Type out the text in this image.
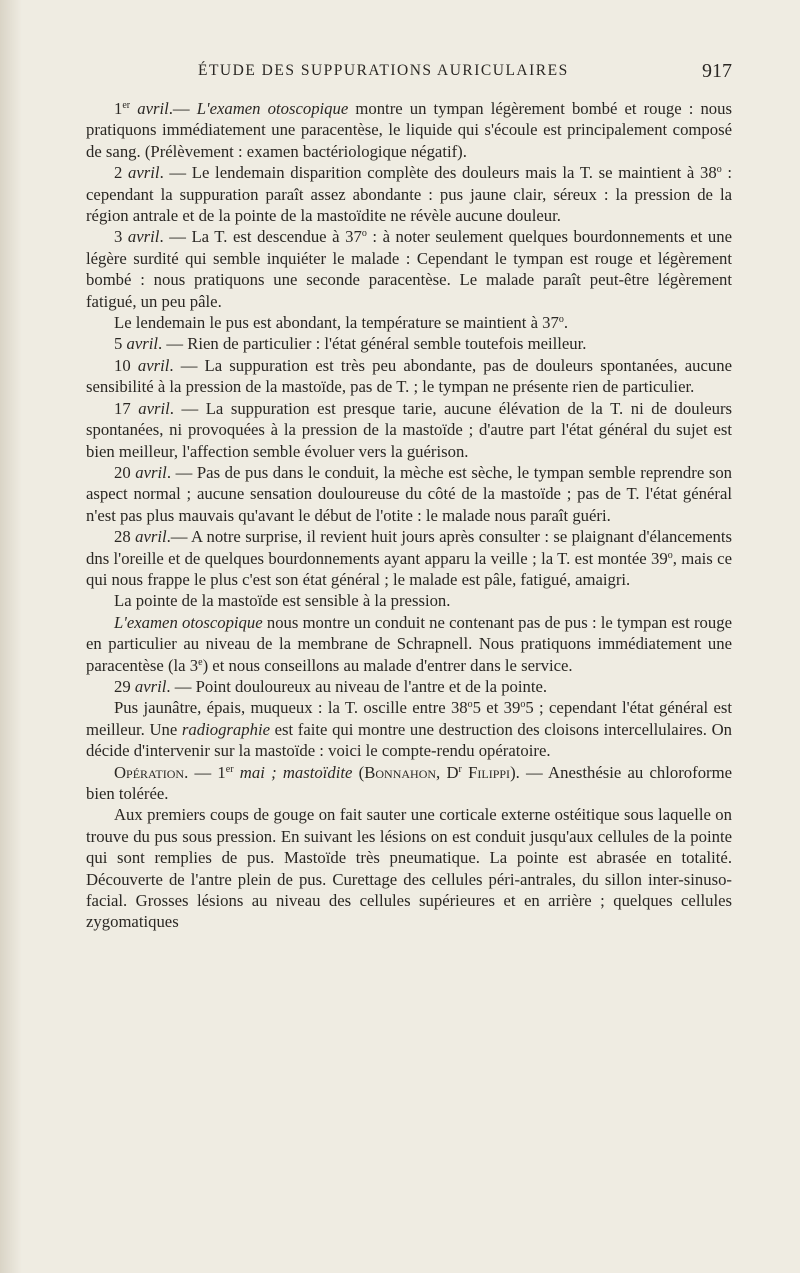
ÉTUDE DES SUPPURATIONS AURICULAIRES	917

1er avril.— L'examen otoscopique montre un tympan légèrement bombé et rouge : nous pratiquons immédiatement une paracentèse, le liquide qui s'écoule est principalement composé de sang. (Prélèvement : examen bactériologique négatif).

2 avril. — Le lendemain disparition complète des douleurs mais la T. se maintient à 38$^o$ : cependant la suppuration paraît assez abondante : pus jaune clair, séreux : la pression de la région antrale et de la pointe de la mastoïdite ne révèle aucune douleur.

3 avril. — La T. est descendue à 37$^o$ : à noter seulement quelques bourdonnements et une légère surdité qui semble inquiéter le malade : Cependant le tympan est rouge et légèrement bombé : nous pratiquons une seconde paracentèse. Le malade paraît peut-être légèrement fatigué, un peu pâle.

Le lendemain le pus est abondant, la température se maintient à 37$^o$.

5 avril. — Rien de particulier : l'état général semble toutefois meilleur.

10 avril. — La suppuration est très peu abondante, pas de douleurs spontanées, aucune sensibilité à la pression de la mastoïde, pas de T. ; le tympan ne présente rien de particulier.

17 avril. — La suppuration est presque tarie, aucune élévation de la T. ni de douleurs spontanées, ni provoquées à la pression de la mastoïde ; d'autre part l'état général du sujet est bien meilleur, l'affection semble évoluer vers la guérison.

20 avril. — Pas de pus dans le conduit, la mèche est sèche, le tympan semble reprendre son aspect normal ; aucune sensation douloureuse du côté de la mastoïde ; pas de T. l'état général n'est pas plus mauvais qu'avant le début de l'otite : le malade nous paraît guéri.

28 avril.— A notre surprise, il revient huit jours après consulter : se plaignant d'élancements dns l'oreille et de quelques bourdonnements ayant apparu la veille ; la T. est montée 39$^o$, mais ce qui nous frappe le plus c'est son état général ; le malade est pâle, fatigué, amaigri.

La pointe de la mastoïde est sensible à la pression.

L'examen otoscopique nous montre un conduit ne contenant pas de pus : le tympan est rouge en particulier au niveau de la membrane de Schrapnell. Nous pratiquons immédiatement une paracentèse (la 3e) et nous conseillons au malade d'entrer dans le service.

29 avril. — Point douloureux au niveau de l'antre et de la pointe.

Pus jaunâtre, épais, muqueux : la T. oscille entre 38$^o$5 et 39$^o$5 ; cependant l'état général est meilleur. Une radiographie est faite qui montre une destruction des cloisons intercellulaires. On décide d'intervenir sur la mastoïde : voici le compte-rendu opératoire.

Opération. — 1er mai ; mastoïdite (Bonnahon, $D^r$ Filippi). — Anesthésie au chloroforme bien tolérée.

Aux premiers coups de gouge on fait sauter une corticale externe ostéitique sous laquelle on trouve du pus sous pression. En suivant les lésions on est conduit jusqu'aux cellules de la pointe qui sont remplies de pus. Mastoïde très pneumatique. La pointe est abrasée en totalité. Découverte de l'antre plein de pus. Curettage des cellules péri-antrales, du sillon inter-sinuso-facial. Grosses lésions au niveau des cellules supérieures et en arrière ; quelques cellules zygomatiques
